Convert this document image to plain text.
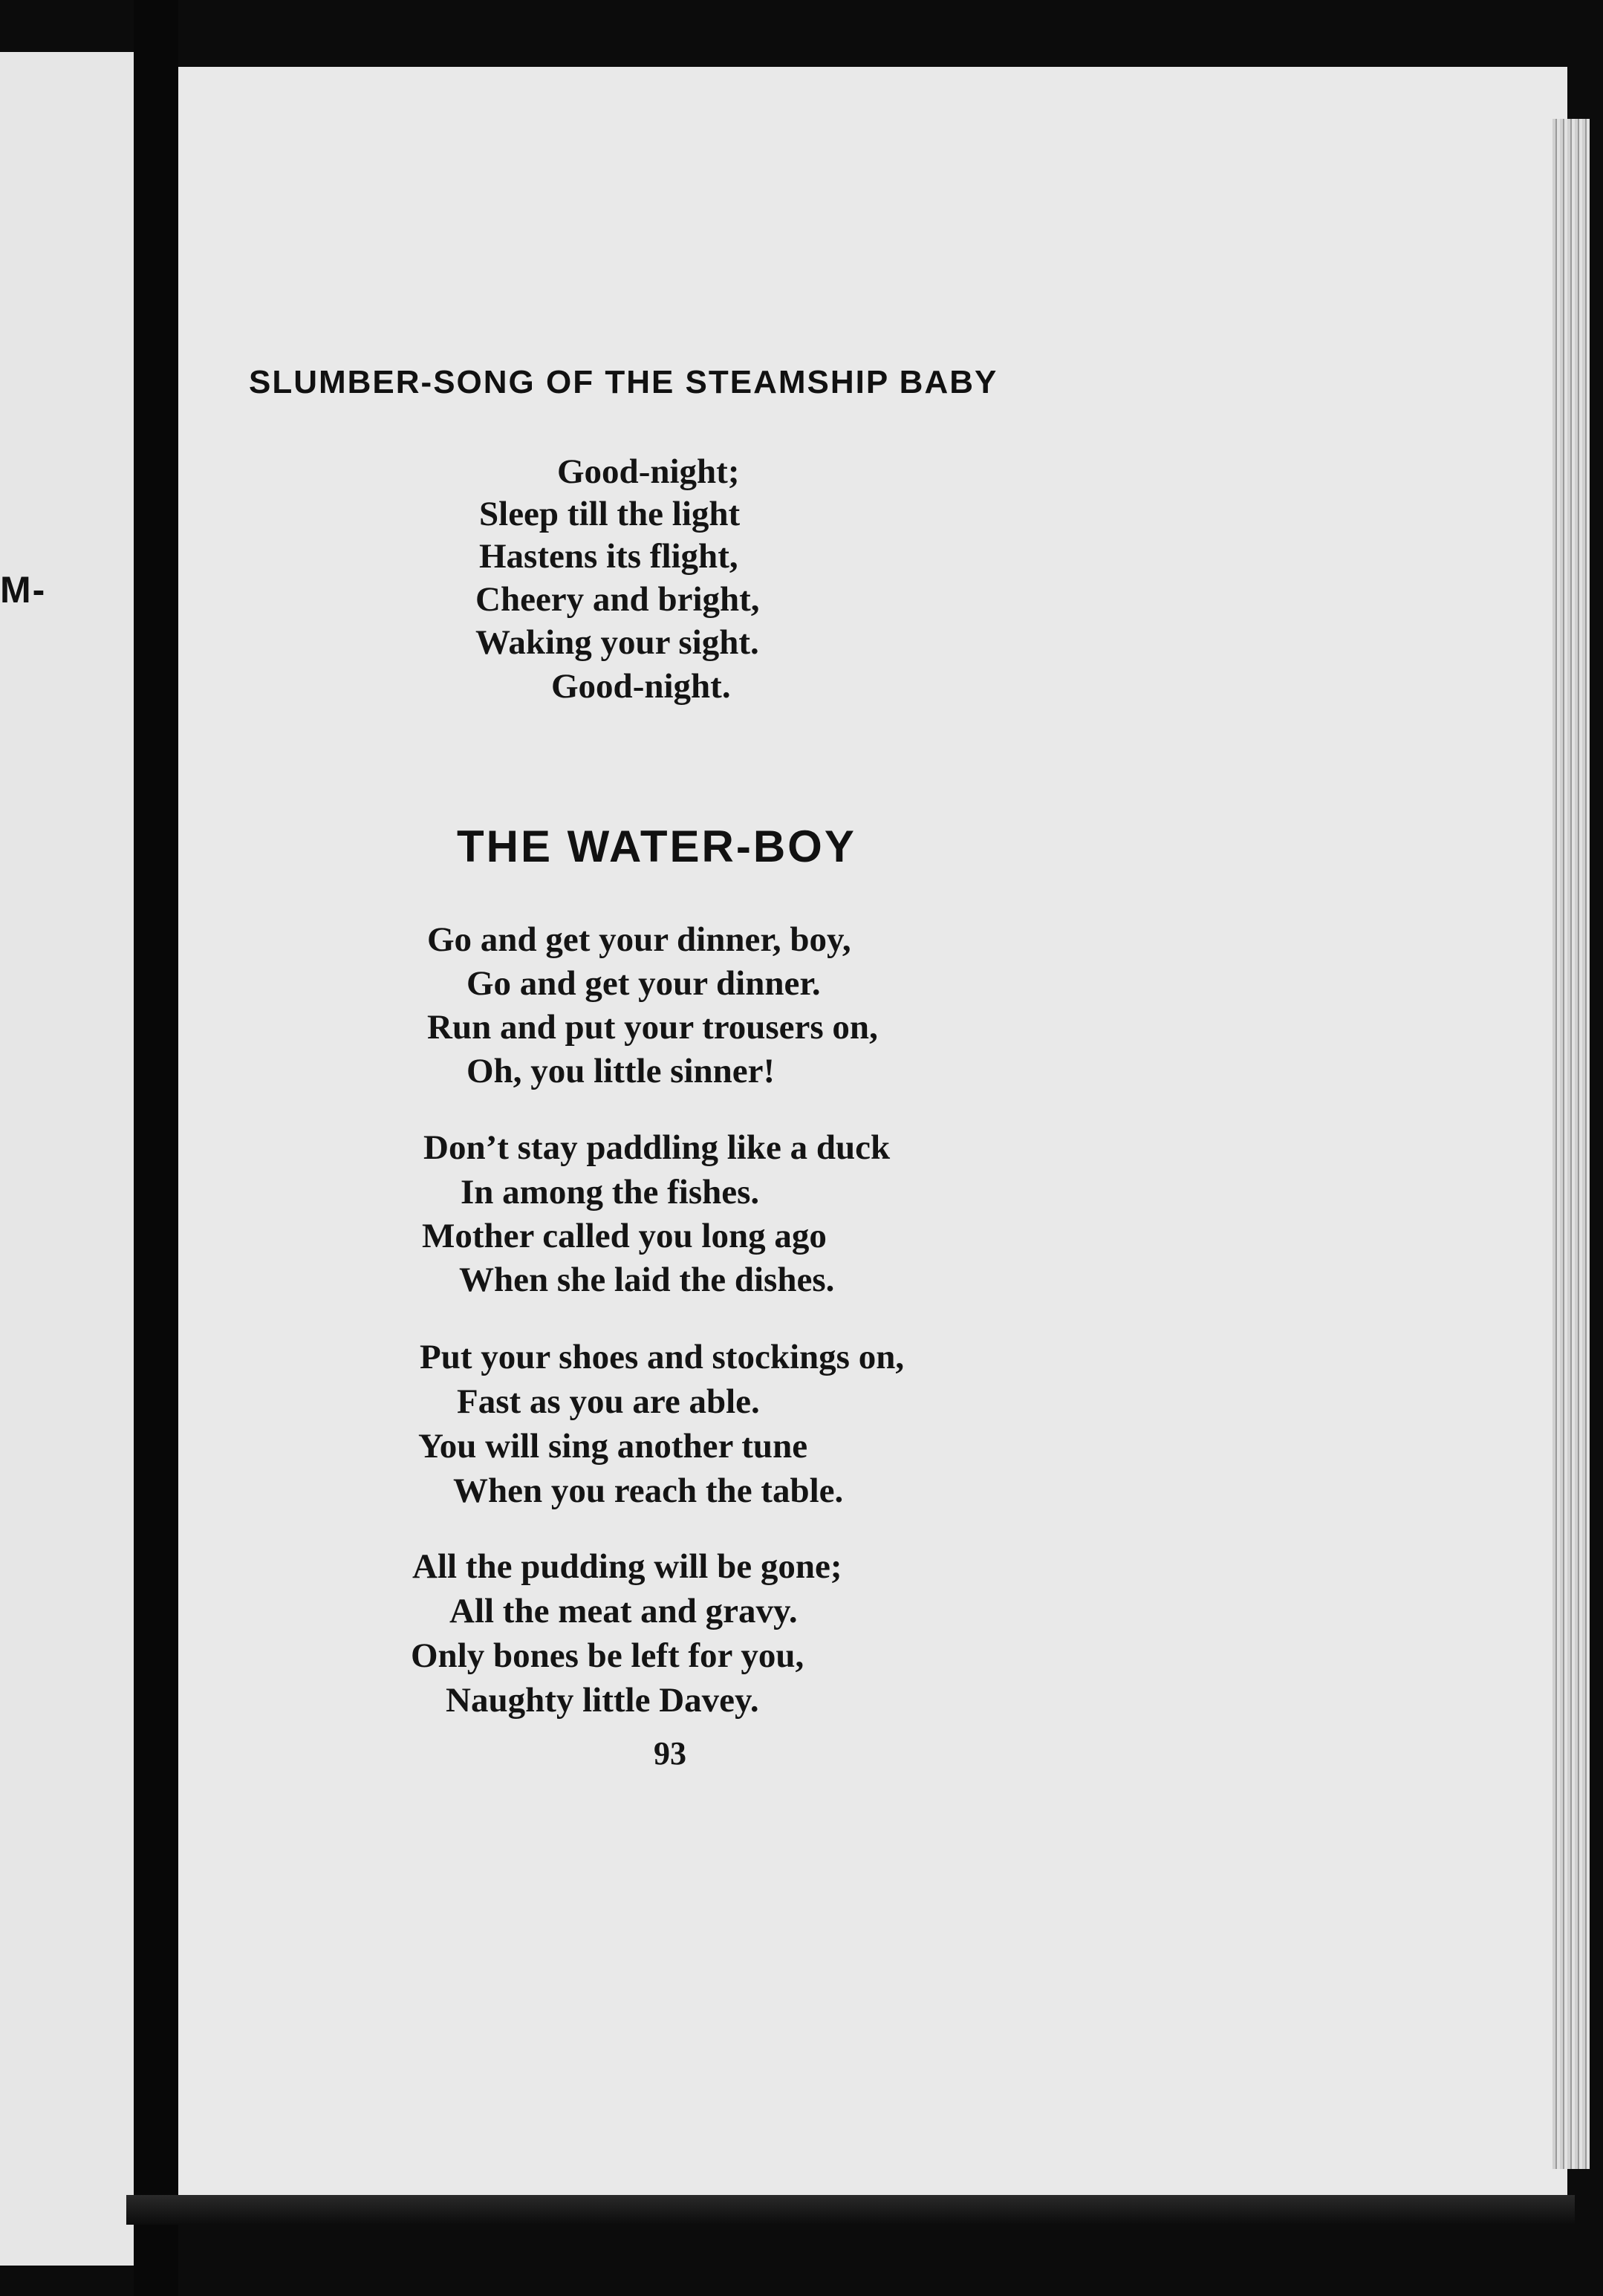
M-
SLUMBER-SONG OF THE STEAMSHIP BABY
Good-night;
Sleep till the light
Hastens its flight,
Cheery and bright,
Waking your sight.
Good-night.
THE WATER-BOY
Go and get your dinner, boy,
Go and get your dinner.
Run and put your trousers on,
Oh, you little sinner!
Don’t stay paddling like a duck
In among the fishes.
Mother called you long ago
When she laid the dishes.
Put your shoes and stockings on,
Fast as you are able.
You will sing another tune
When you reach the table.
All the pudding will be gone;
All the meat and gravy.
Only bones be left for you,
Naughty little Davey.
93
